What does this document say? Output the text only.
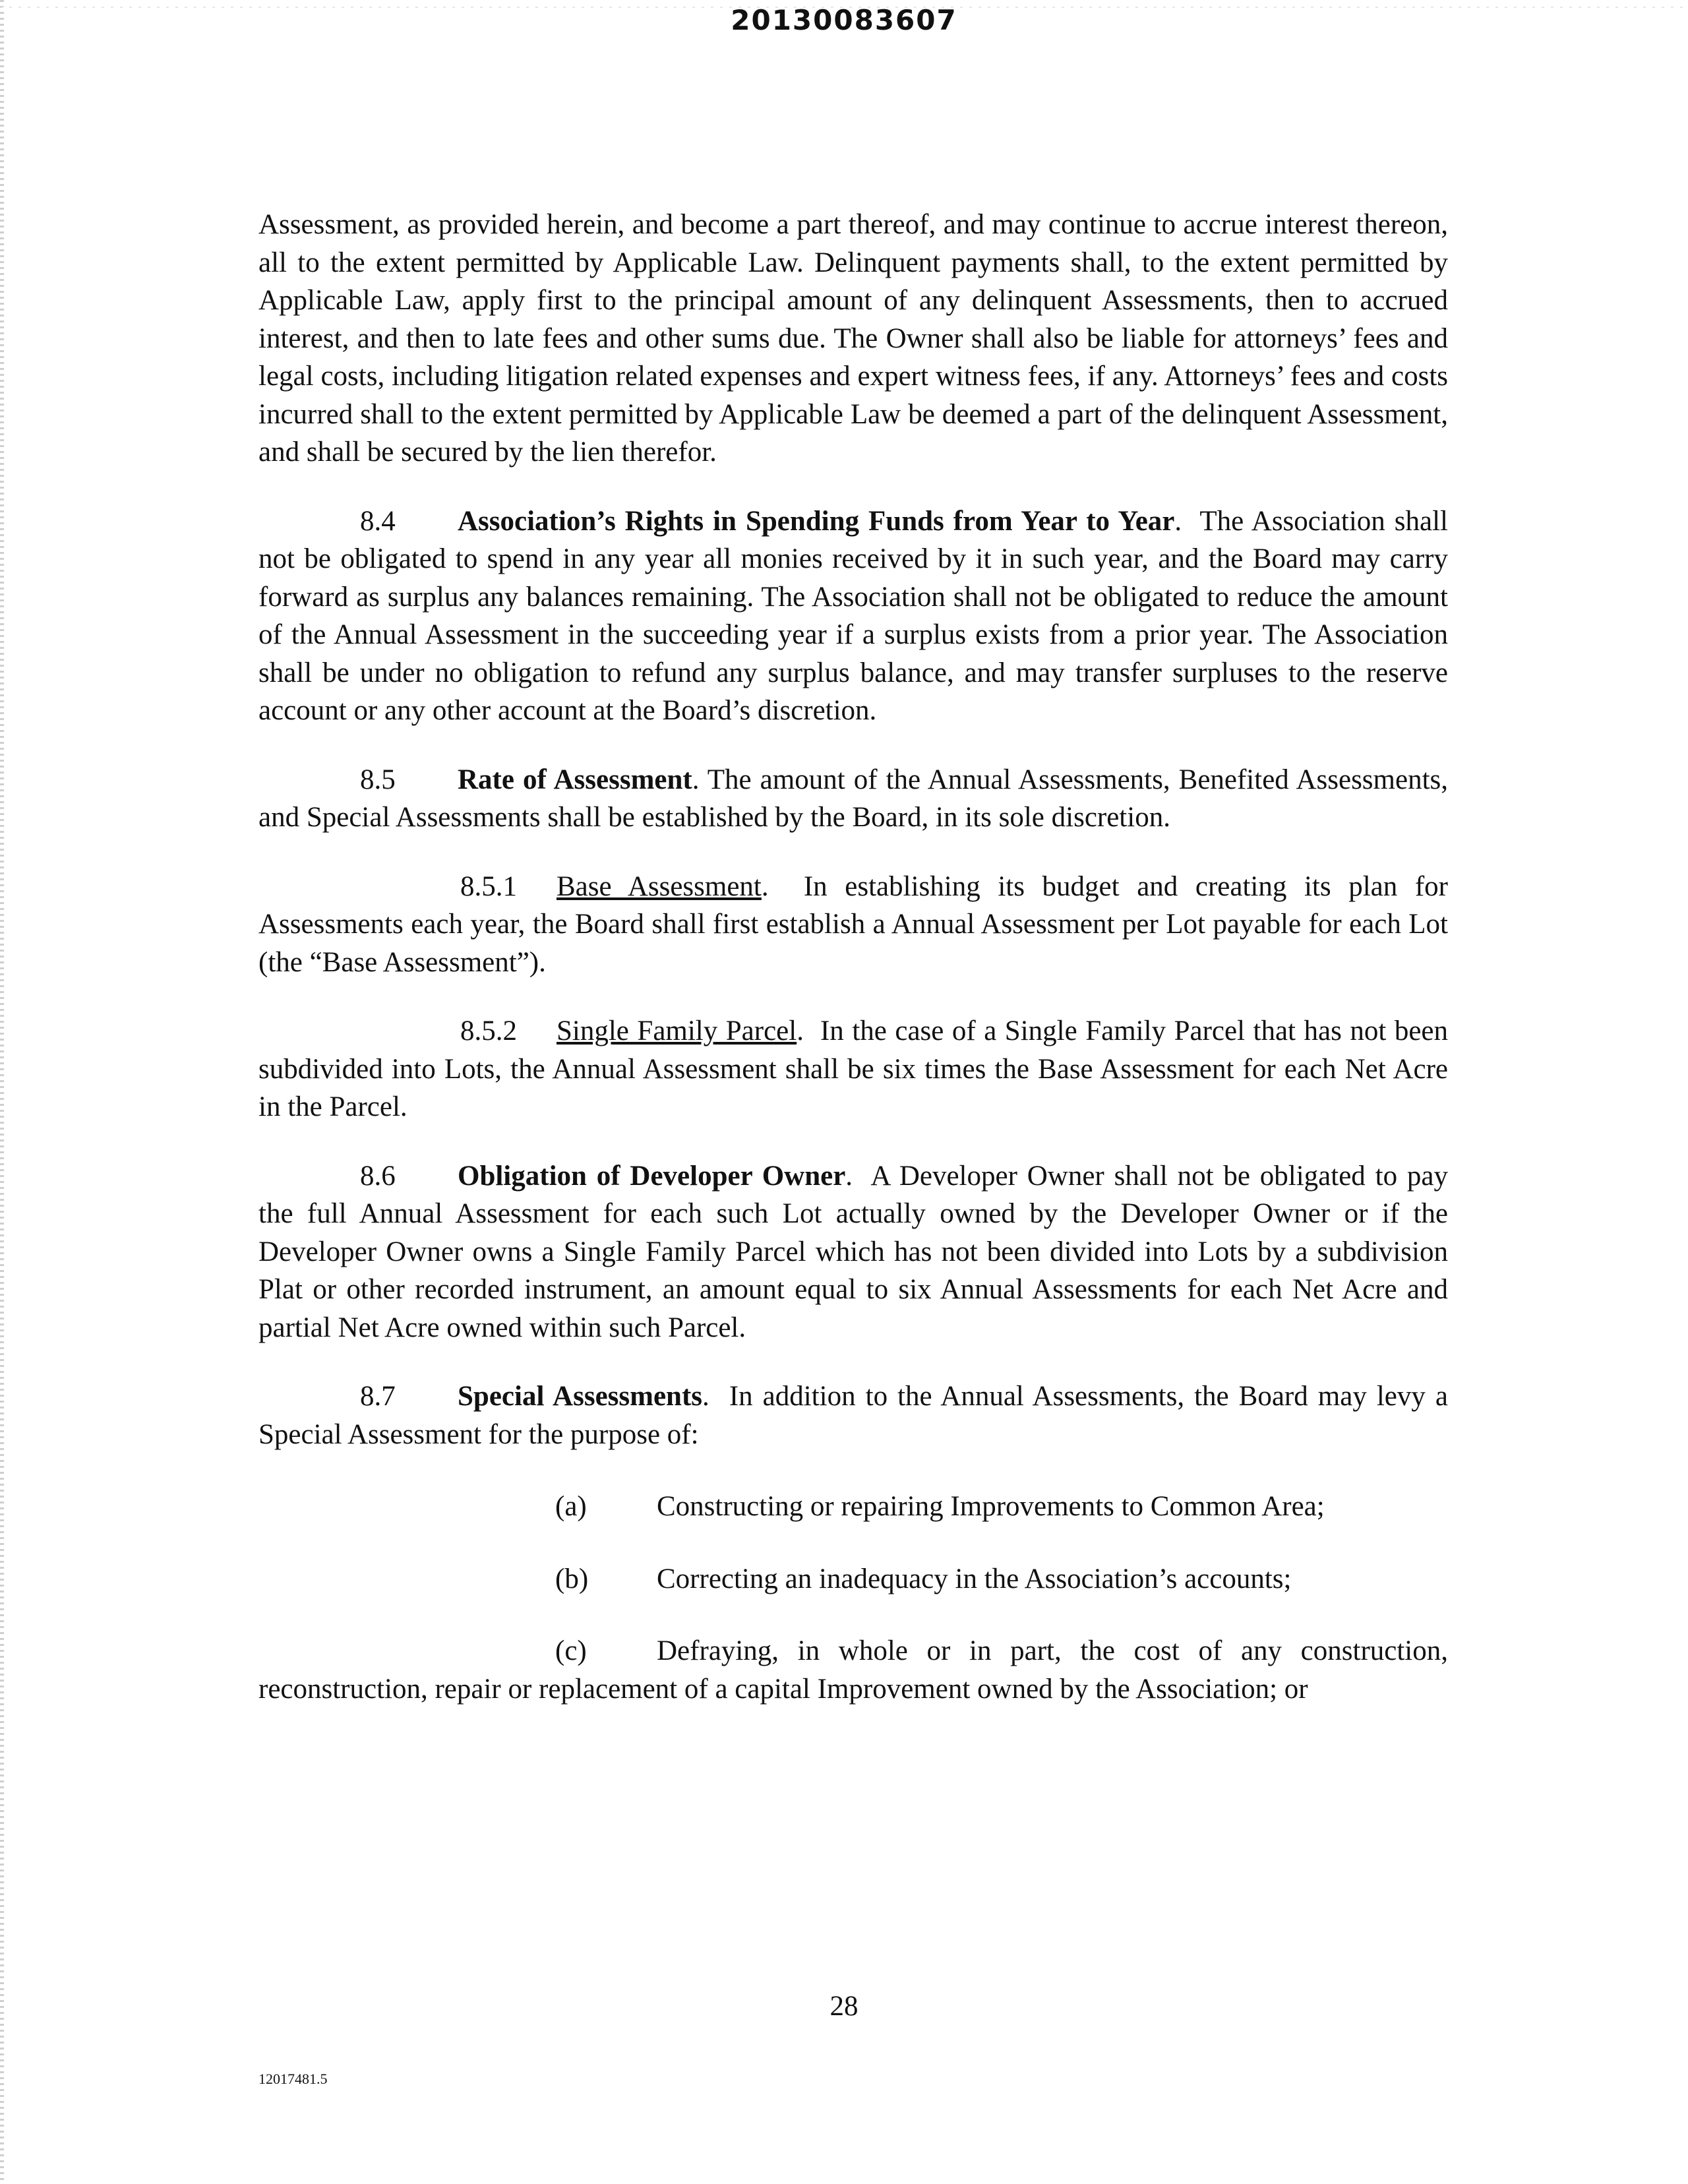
20130083607

Assessment, as provided herein, and become a part thereof, and may continue to accrue interest thereon, all to the extent permitted by Applicable Law. Delinquent payments shall, to the extent permitted by Applicable Law, apply first to the principal amount of any delinquent Assessments, then to accrued interest, and then to late fees and other sums due. The Owner shall also be liable for attorneys’ fees and legal costs, including litigation related expenses and expert witness fees, if any. Attorneys’ fees and costs incurred shall to the extent permitted by Applicable Law be deemed a part of the delinquent Assessment, and shall be secured by the lien therefor.

8.4 Association’s Rights in Spending Funds from Year to Year.  The Association shall not be obligated to spend in any year all monies received by it in such year, and the Board may carry forward as surplus any balances remaining. The Association shall not be obligated to reduce the amount of the Annual Assessment in the succeeding year if a surplus exists from a prior year. The Association shall be under no obligation to refund any surplus balance, and may transfer surpluses to the reserve account or any other account at the Board’s discretion.

8.5 Rate of Assessment. The amount of the Annual Assessments, Benefited Assessments, and Special Assessments shall be established by the Board, in its sole discretion.

8.5.1 Base Assessment.  In establishing its budget and creating its plan for Assessments each year, the Board shall first establish a Annual Assessment per Lot payable for each Lot (the “Base Assessment”).

8.5.2 Single Family Parcel.  In the case of a Single Family Parcel that has not been subdivided into Lots, the Annual Assessment shall be six times the Base Assessment for each Net Acre in the Parcel.

8.6 Obligation of Developer Owner.  A Developer Owner shall not be obligated to pay the full Annual Assessment for each such Lot actually owned by the Developer Owner or if the Developer Owner owns a Single Family Parcel which has not been divided into Lots by a subdivision Plat or other recorded instrument, an amount equal to six Annual Assessments for each Net Acre and partial Net Acre owned within such Parcel.

8.7 Special Assessments.  In addition to the Annual Assessments, the Board may levy a Special Assessment for the purpose of:

(a) Constructing or repairing Improvements to Common Area;
(b) Correcting an inadequacy in the Association’s accounts;

(c) Defraying, in whole or in part, the cost of any construction, reconstruction, repair or replacement of a capital Improvement owned by the Association; or

28
12017481.5
